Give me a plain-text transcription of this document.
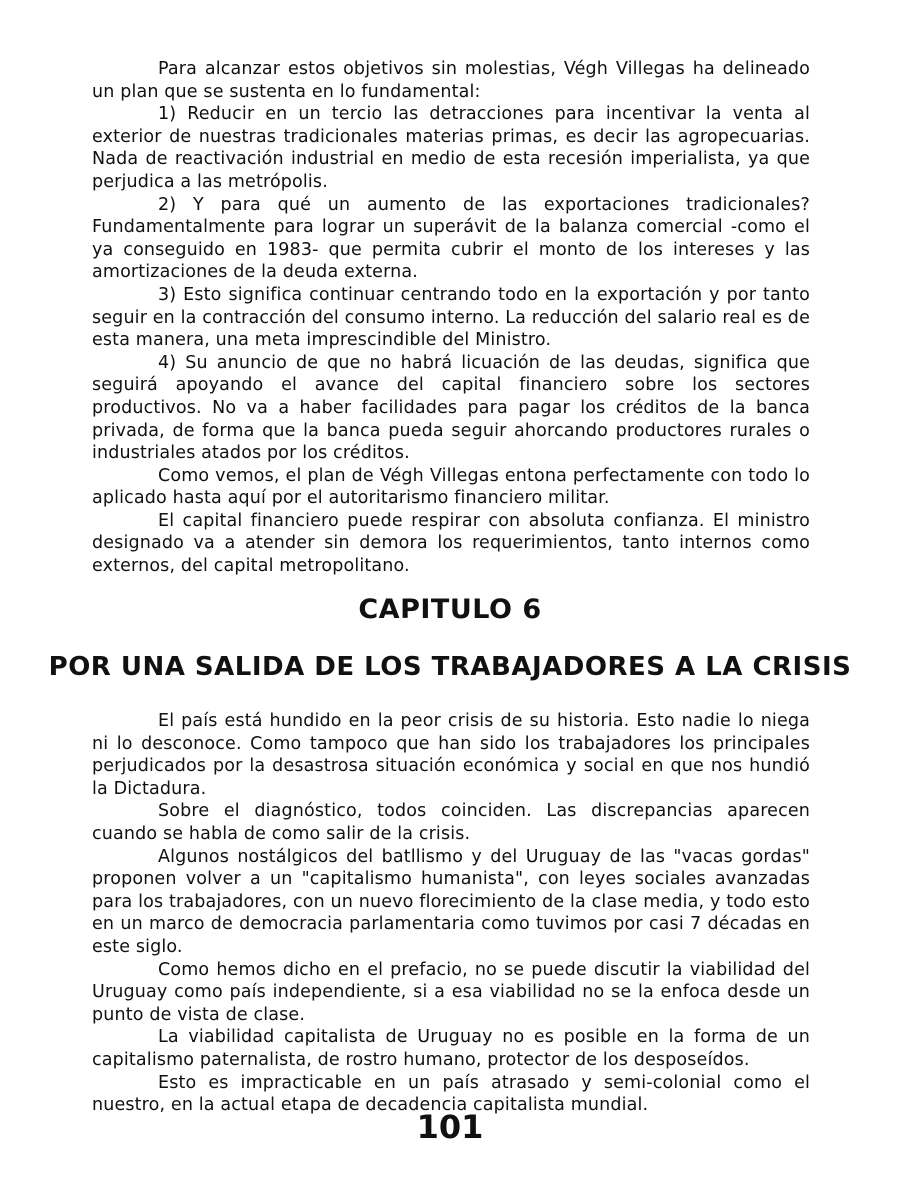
Para alcanzar estos objetivos sin molestias, Végh Villegas ha delineado un plan que se sustenta en lo fundamental:

1) Reducir en un tercio las detracciones para incentivar la venta al exterior de nuestras tradicionales materias primas, es decir las agropecuarias. Nada de reactivación industrial en medio de esta recesión imperialista, ya que perjudica a las metrópolis.

2) Y para qué un aumento de las exportaciones tradicionales? Fundamentalmente para lograr un superávit de la balanza comercial -como el ya conseguido en 1983- que permita cubrir el monto de los intereses y las amortizaciones de la deuda externa.

3) Esto significa continuar centrando todo en la exportación y por tanto seguir en la contracción del consumo interno. La reducción del salario real es de esta manera, una meta imprescindible del Ministro.

4) Su anuncio de que no habrá licuación de las deudas, significa que seguirá apoyando el avance del capital financiero sobre los sectores productivos. No va a haber facilidades para pagar los créditos de la banca privada, de forma que la banca pueda seguir ahorcando productores rurales o industriales atados por los créditos.

Como vemos, el plan de Végh Villegas entona perfectamente con todo lo aplicado hasta aquí por el autoritarismo financiero militar.

El capital financiero puede respirar con absoluta confianza. El ministro designado va a atender sin demora los requerimientos, tanto internos como externos, del capital metropolitano.

CAPITULO 6
POR UNA SALIDA DE LOS TRABAJADORES A LA CRISIS

El país está hundido en la peor crisis de su historia. Esto nadie lo niega ni lo desconoce. Como tampoco que han sido los trabajadores los principales perjudicados por la desastrosa situación económica y social en que nos hundió la Dictadura.

Sobre el diagnóstico, todos coinciden. Las discrepancias aparecen cuando se habla de como salir de la crisis.

Algunos nostálgicos del batllismo y del Uruguay de las "vacas gordas" proponen volver a un "capitalismo humanista", con leyes sociales avanzadas para los trabajadores, con un nuevo florecimiento de la clase media, y todo esto en un marco de democracia parlamentaria como tuvimos por casi 7 décadas en este siglo.

Como hemos dicho en el prefacio, no se puede discutir la viabilidad del Uruguay como país independiente, si a esa viabilidad no se la enfoca desde un punto de vista de clase.

La viabilidad capitalista de Uruguay no es posible en la forma de un capitalismo paternalista, de rostro humano, protector de los desposeídos.

Esto es impracticable en un país atrasado y semi-colonial como el nuestro, en la actual etapa de decadencia capitalista mundial.

101
